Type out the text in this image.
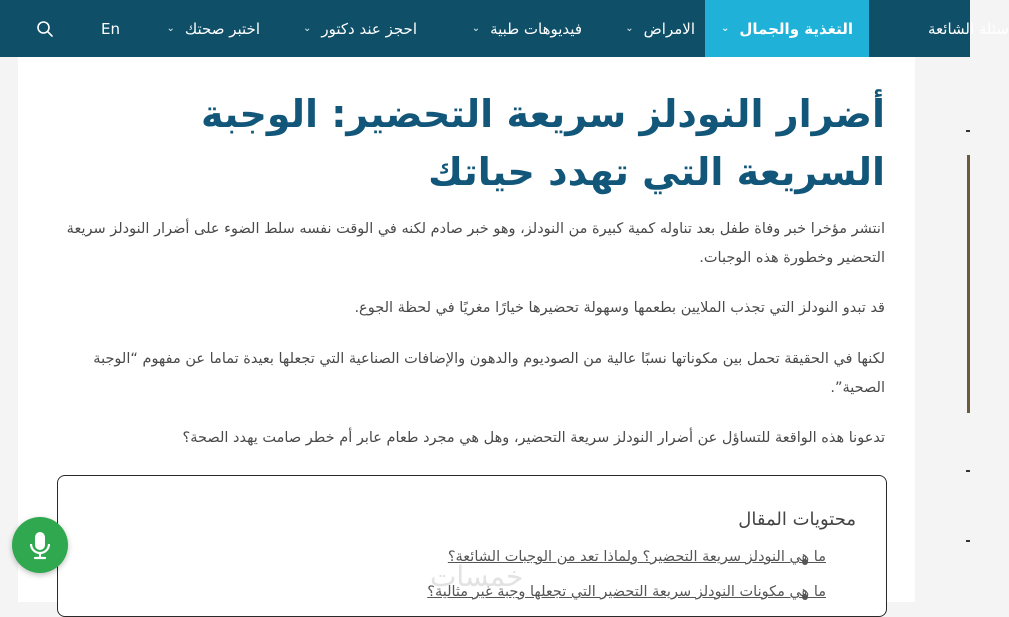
سئلة الشائعة
التغذية والجمال
⌄
الامراض
⌄
فيديوهات طبية
⌄
احجز عند دكتور
⌄
اختبر صحتك
⌄
En
أضرار النودلز سريعة التحضير: الوجبة السريعة التي تهدد حياتك

انتشر مؤخرا خبر وفاة طفل بعد تناوله كمية كبيرة من النودلز، وهو خبر صادم لكنه في الوقت نفسه سلط الضوء على أضرار النودلز سريعة التحضير وخطورة هذه الوجبات.

قد تبدو النودلز التي تجذب الملايين بطعمها وسهولة تحضيرها خيارًا مغريًا في لحظة الجوع.

لكنها في الحقيقة تحمل بين مكوناتها نسبًا عالية من الصوديوم والدهون والإضافات الصناعية التي تجعلها بعيدة تماما عن مفهوم “الوجبة الصحية”.

تدعونا هذه الواقعة للتساؤل عن أضرار النودلز سريعة التحضير، وهل هي مجرد طعام عابر أم خطر صامت يهدد الصحة؟

محتويات المقال
ما هي النودلز سريعة التحضير؟ ولماذا تعد من الوجبات الشائعة؟
ما هي مكونات النودلز سريعة التحضير التي تجعلها وجبة غير مثالية؟
خمسات
